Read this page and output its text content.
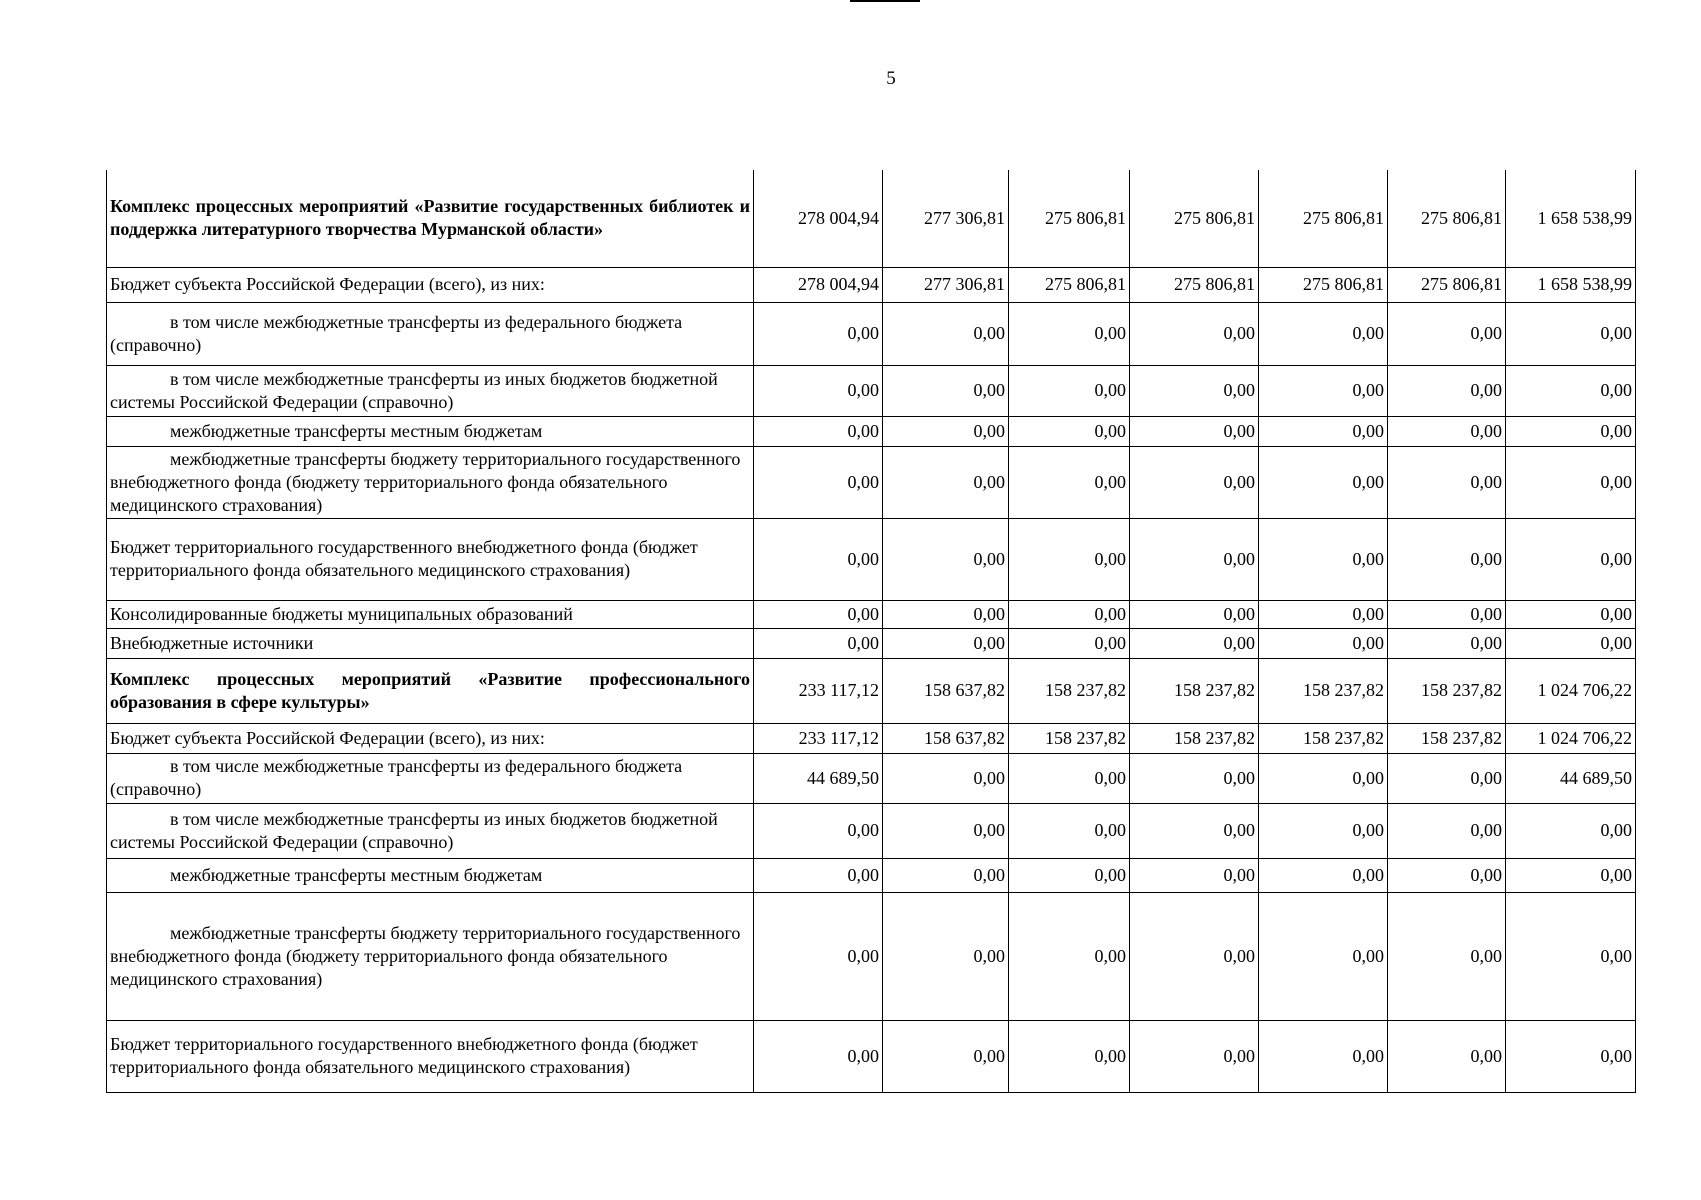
5
Комплекс процессных мероприятий «Развитие государственных библиотек и поддержка литературного творчества Мурманской области»	278 004,94	277 306,81	275 806,81	275 806,81	275 806,81	275 806,81	1 658 538,99
Бюджет субъекта Российской Федерации (всего), из них:	278 004,94	277 306,81	275 806,81	275 806,81	275 806,81	275 806,81	1 658 538,99
в том числе межбюджетные трансферты из федерального бюджета (справочно)	0,00	0,00	0,00	0,00	0,00	0,00	0,00
в том числе межбюджетные трансферты из иных бюджетов бюджетной системы Российской Федерации (справочно)	0,00	0,00	0,00	0,00	0,00	0,00	0,00
межбюджетные трансферты местным бюджетам	0,00	0,00	0,00	0,00	0,00	0,00	0,00
межбюджетные трансферты бюджету территориального государственного внебюджетного фонда (бюджету территориального фонда обязательного медицинского страхования)	0,00	0,00	0,00	0,00	0,00	0,00	0,00
Бюджет территориального государственного внебюджетного фонда (бюджет территориального фонда обязательного медицинского страхования)	0,00	0,00	0,00	0,00	0,00	0,00	0,00
Консолидированные бюджеты муниципальных образований	0,00	0,00	0,00	0,00	0,00	0,00	0,00
Внебюджетные источники	0,00	0,00	0,00	0,00	0,00	0,00	0,00
Комплекс процессных мероприятий «Развитие профессионального образования в сфере культуры»	233 117,12	158 637,82	158 237,82	158 237,82	158 237,82	158 237,82	1 024 706,22
Бюджет субъекта Российской Федерации (всего), из них:	233 117,12	158 637,82	158 237,82	158 237,82	158 237,82	158 237,82	1 024 706,22
в том числе межбюджетные трансферты из федерального бюджета (справочно)	44 689,50	0,00	0,00	0,00	0,00	0,00	44 689,50
в том числе межбюджетные трансферты из иных бюджетов бюджетной системы Российской Федерации (справочно)	0,00	0,00	0,00	0,00	0,00	0,00	0,00
межбюджетные трансферты местным бюджетам	0,00	0,00	0,00	0,00	0,00	0,00	0,00
межбюджетные трансферты бюджету территориального государственного внебюджетного фонда (бюджету территориального фонда обязательного медицинского страхования)	0,00	0,00	0,00	0,00	0,00	0,00	0,00
Бюджет территориального государственного внебюджетного фонда (бюджет территориального фонда обязательного медицинского страхования)	0,00	0,00	0,00	0,00	0,00	0,00	0,00
